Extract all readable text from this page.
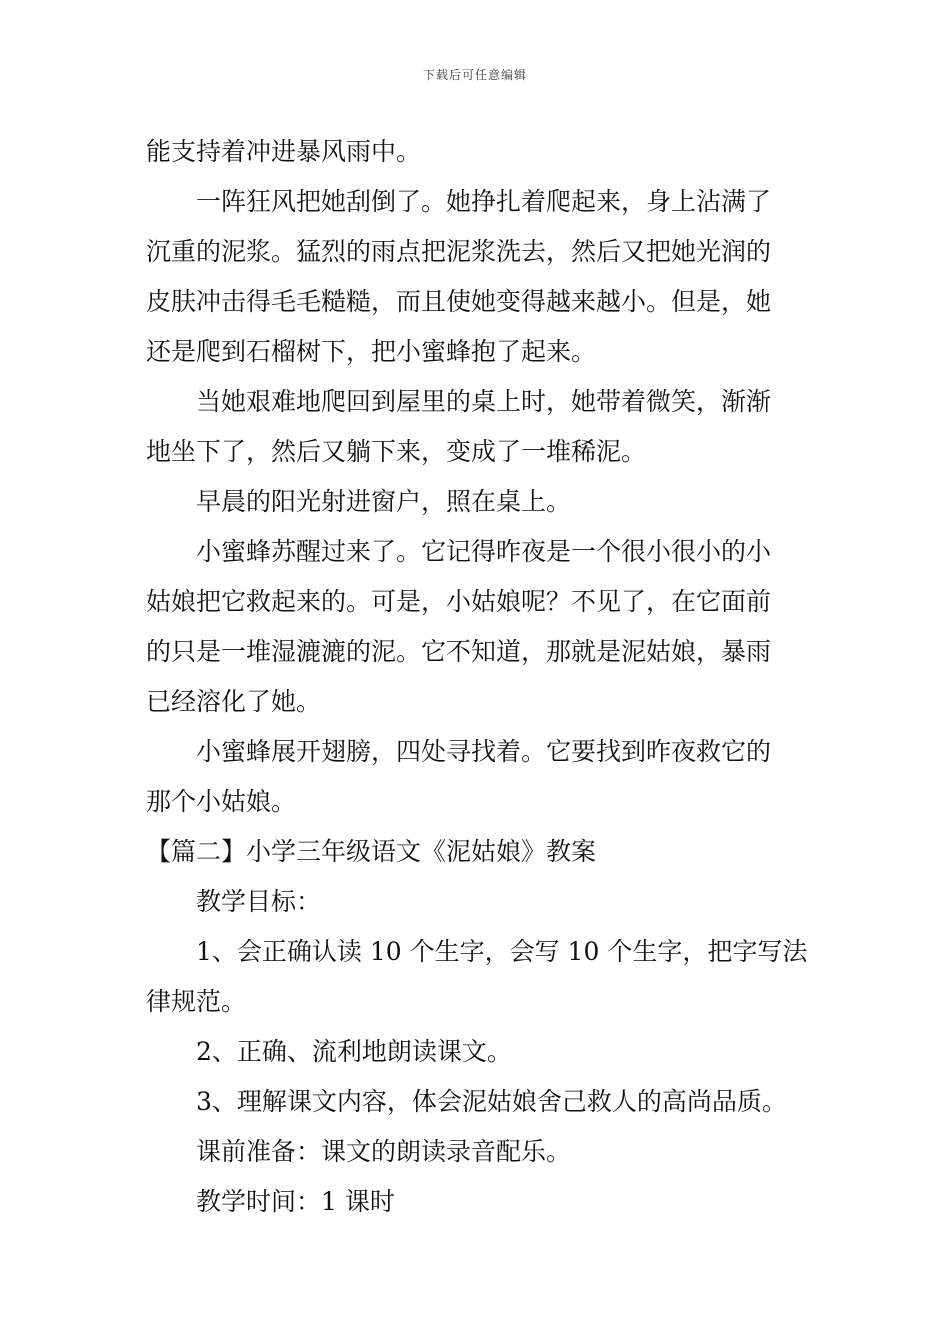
下载后可任意编辑
能支持着冲进暴风雨中。
一阵狂风把她刮倒了。她挣扎着爬起来，身上沾满了
沉重的泥浆。猛烈的雨点把泥浆洗去，然后又把她光润的
皮肤冲击得毛毛糙糙，而且使她变得越来越小。但是，她
还是爬到石榴树下，把小蜜蜂抱了起来。
当她艰难地爬回到屋里的桌上时，她带着微笑，渐渐
地坐下了，然后又躺下来，变成了一堆稀泥。
早晨的阳光射进窗户，照在桌上。
小蜜蜂苏醒过来了。它记得昨夜是一个很小很小的小
姑娘把它救起来的。可是，小姑娘呢？不见了，在它面前
的只是一堆湿漉漉的泥。它不知道，那就是泥姑娘，暴雨
已经溶化了她。
小蜜蜂展开翅膀，四处寻找着。它要找到昨夜救它的
那个小姑娘。
【篇二】小学三年级语文《泥姑娘》教案
教学目标：
1、会正确认读 10 个生字，会写 10 个生字，把字写法
律规范。
2、正确、流利地朗读课文。
3、理解课文内容，体会泥姑娘舍己救人的高尚品质。
课前准备：课文的朗读录音配乐。
教学时间：1 课时
